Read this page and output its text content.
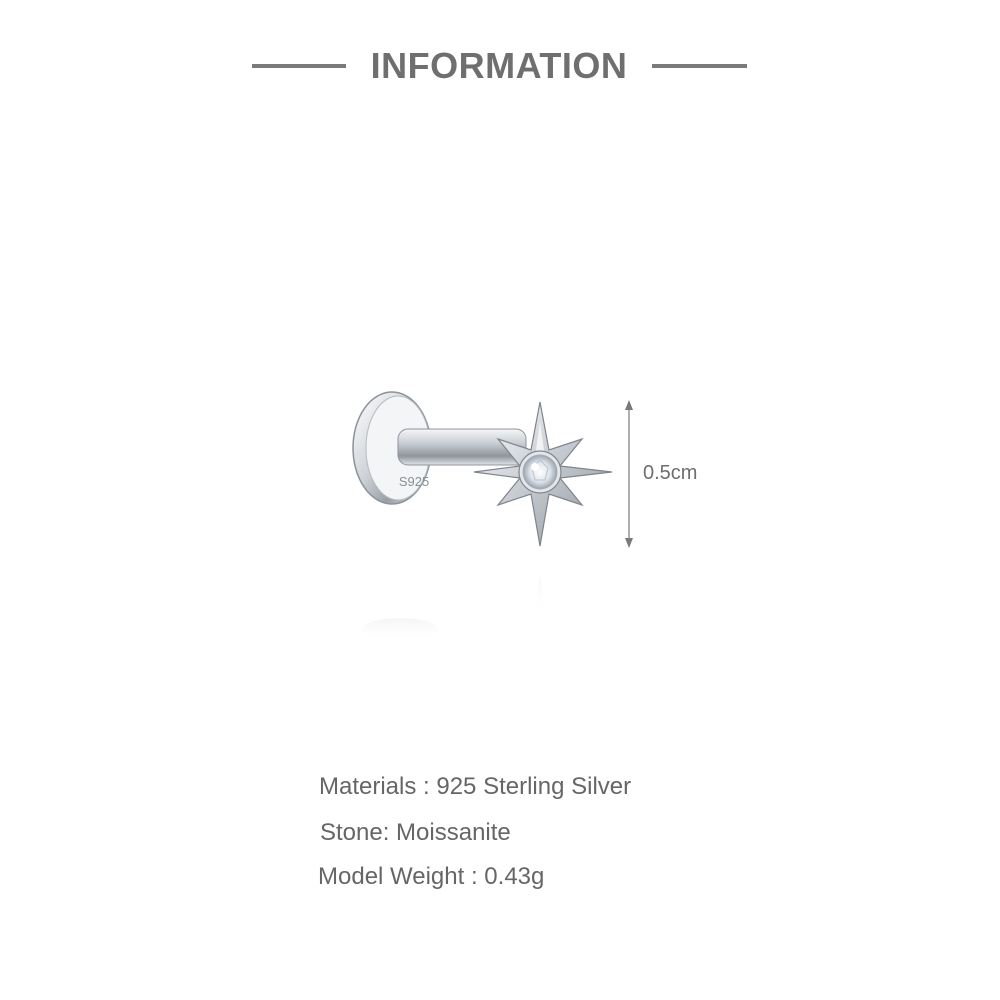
INFORMATION
S925	0.5cm
Materials : 925 Sterling Silver
Stone: Moissanite
Model Weight : 0.43g
